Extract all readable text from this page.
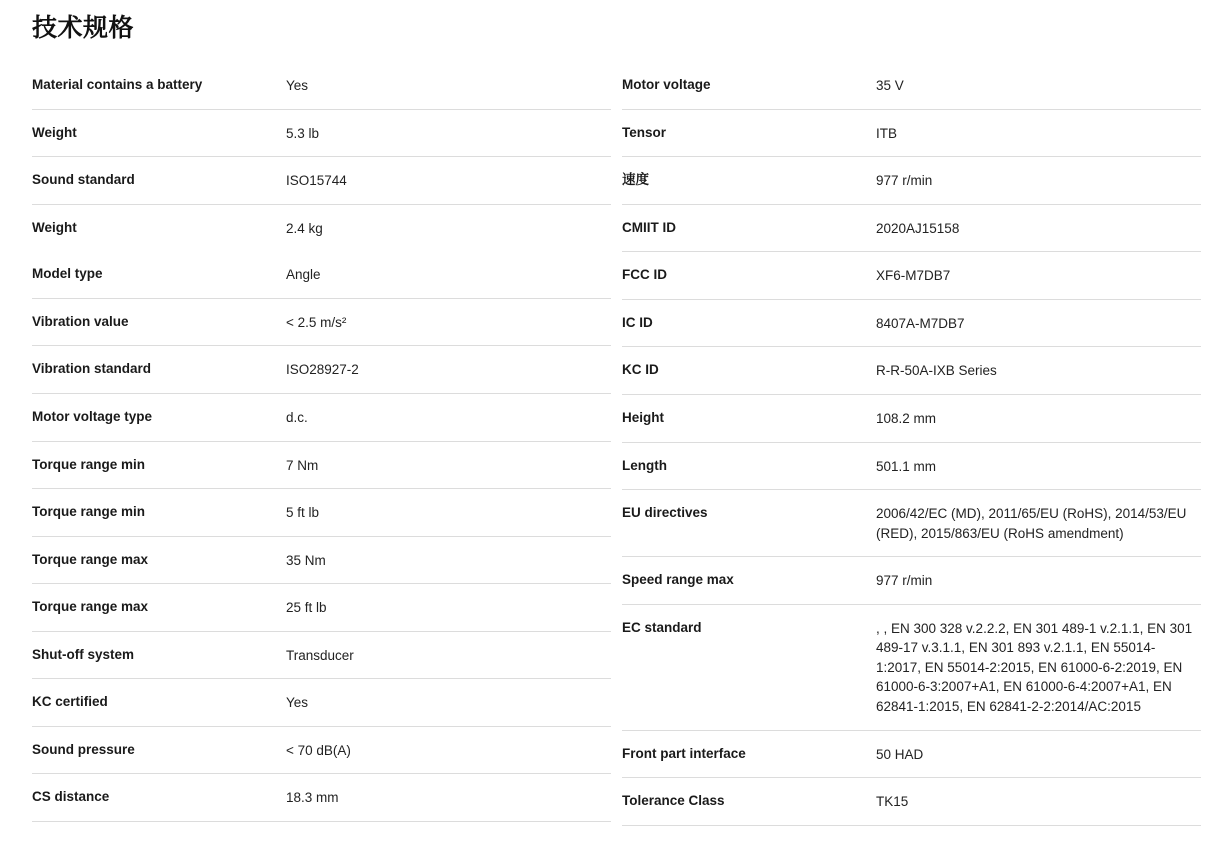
技术规格
Material contains a battery	Yes
Weight	5.3 lb
Sound standard	ISO15744
Weight	2.4 kg
Model type	Angle
Vibration value	< 2.5 m/s²
Vibration standard	ISO28927-2
Motor voltage type	d.c.
Torque range min	7 Nm
Torque range min	5 ft lb
Torque range max	35 Nm
Torque range max	25 ft lb
Shut-off system	Transducer
KC certified	Yes
Sound pressure	< 70 dB(A)
CS distance	18.3 mm
Motor voltage	35 V
Tensor	ITB
速度	977 r/min
CMIIT ID	2020AJ15158
FCC ID	XF6-M7DB7
IC ID	8407A-M7DB7
KC ID	R-R-50A-IXB Series
Height	108.2 mm
Length	501.1 mm
EU directives	2006/42/EC (MD), 2011/65/EU (RoHS), 2014/53/EU (RED), 2015/863/EU (RoHS amendment)
Speed range max	977 r/min
EC standard	, , EN 300 328 v.2.2.2, EN 301 489-1 v.2.1.1, EN 301 489-17 v.3.1.1, EN 301 893 v.2.1.1, EN 55014-1:2017, EN 55014-2:2015, EN 61000-6-2:2019, EN 61000-6-3:2007+A1, EN 61000-6-4:2007+A1, EN 62841-1:2015, EN 62841-2-2:2014/AC:2015
Front part interface	50 HAD
Tolerance Class	TK15
